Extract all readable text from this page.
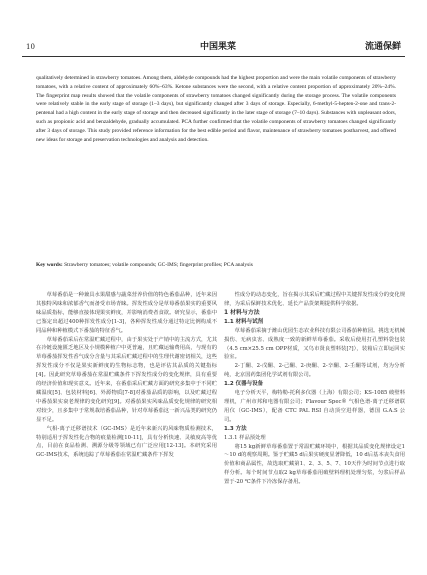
10	中国果菜	流通保鲜

qualitatively determined in strawberry tomatoes. Among them, aldehyde compounds had the highest proportion and were the main volatile components of strawberry tomatoes, with a relative content of approximately 60%–63%. Ketone substances were the second, with a relative content proportion of approximately 20%–24%. The fingerprint map results showed that the volatile components of strawberry tomatoes changed significantly during the storage process. The volatile components were relatively stable in the early stage of storage (1–3 days), but significantly changed after 3 days of storage. Especially, 6-methyl-5-hepten-2-one and trans-2-pentenal had a high content in the early stage of storage and then decreased significantly in the later stage of storage (7–10 days). Substances with unpleasant odors, such as propionic acid and benzaldehyde, gradually accumulated. PCA further confirmed that the volatile components of strawberry tomatoes changed significantly after 3 days of storage. This study provided reference information for the best edible period and flavor, maintenance of strawberry tomatoes postharvest, and offered new ideas for storage and preservation technologies and analysis and detection.

Key words: Strawberry tomatoes; volatile compounds; GC-IMS; fingerprint profiles; PCA analysis

草莓番茄是一种兼具水果甜感与蔬菜营养价值的特色番茄品种，近年来因其独特风味和浓郁香气而备受市场青睐。挥发性成分是草莓番茄果实的重要风味品质指标，能够直接体现果实鲜度，并影响消费者食欲。研究显示，番茄中已鉴定出超过400种挥发性成分[1-3]，各种挥发性成分通过特定比例构成不同品种和种植模式下番茄的特征香气。

草莓番茄采后在常温贮藏过程中，由于果实处于产销中的主流方式，尤其在冷链设施匮乏地区及小规模种植户中更普遍，且贮藏运输费用高，与现有的草莓番茄挥发性香气成分含量与其采后贮藏过程中的生理代谢密切相关，这些挥发性成分不仅是果实新鲜度的生物标志物，也是评估其品质的关键指标[4]。因此研究草莓番茄在常温贮藏条件下挥发性成分的变化规律，具有重要的经济价值和现实意义。近年来，在番茄采后贮藏方面的研究多集中于不同贮藏温度[5]、包装材料[6]、外源物质[7-8]对番茄品质的影响，以及贮藏过程中番茄果实衰老规律的变化研究[9]。对番茄果实风味品质变化规律的研究相对较少，且多集中于常规栽培番茄品种，针对草莓番茄这一新兴品类的研究仍显不足。

气相-离子迁移谱技术（GC-IMS）是近年来新兴的风味物质检测技术，特别适用于挥发性化合物的痕量检测[10-11]，具有分析快速、灵敏度高等优点，目前在食品检测、溯源分级等领域已有广泛应用[12-13]。本研究采用GC-IMS技术，系统追踪了草莓番茄在常温贮藏条件下挥发

性成分的动态变化，旨在揭示其采后贮藏过程中关键挥发性成分的变化规律，为采后保鲜技术优化、延长产品货架期提供科学依据。

1 材料与方法
1.1 材料与试剂

草莓番茄采摘于潍山优园生态农业科技有限公司番茄种植园。挑选无机械损伤、无病虫害、成熟度一致的新鲜草莓番茄。采收后使用打孔塑料袋包装（4.5 cm×25.5 cm OPP材质，又鸟市贤良塑料装[?]），装箱后立即运回实验室。

2-丁酮、2-戊酮、2-己酮、2-庚酮、2-辛酮、2-壬酮等试剂，均为分析纯，北京国药集团化学试剂有限公司。

1.2 仪器与设备

电子分析天平，梅特勒-托利多仪器（上海）有限公司；KS-1085 破壁料理机，广州市邦和电器有限公司；Flavour Spec® 气相色谱-离子迁移谱联用仪（GC-IMS），配备 CTC PAL RSI 自动顶空进样器，德国 G.A.S 公司。

1.3 方法
1.3.1 样品预处理

将15 kg新鲜草莓番茄置于常温贮藏环境中，根据其品质变化规律设定1～10 d的观察周期。鉴于贮藏5 d后果实硬度显著降低，10 d后基本丧失食用价值和商品属性，故选取贮藏第1、2、3、5、7、10天作为时间节点进行取样分析。每个时间节点取2 kg草莓番茄用破壁料理机处理匀浆，匀浆后样品置于-20 ℃条件下冷冻保存备用。
